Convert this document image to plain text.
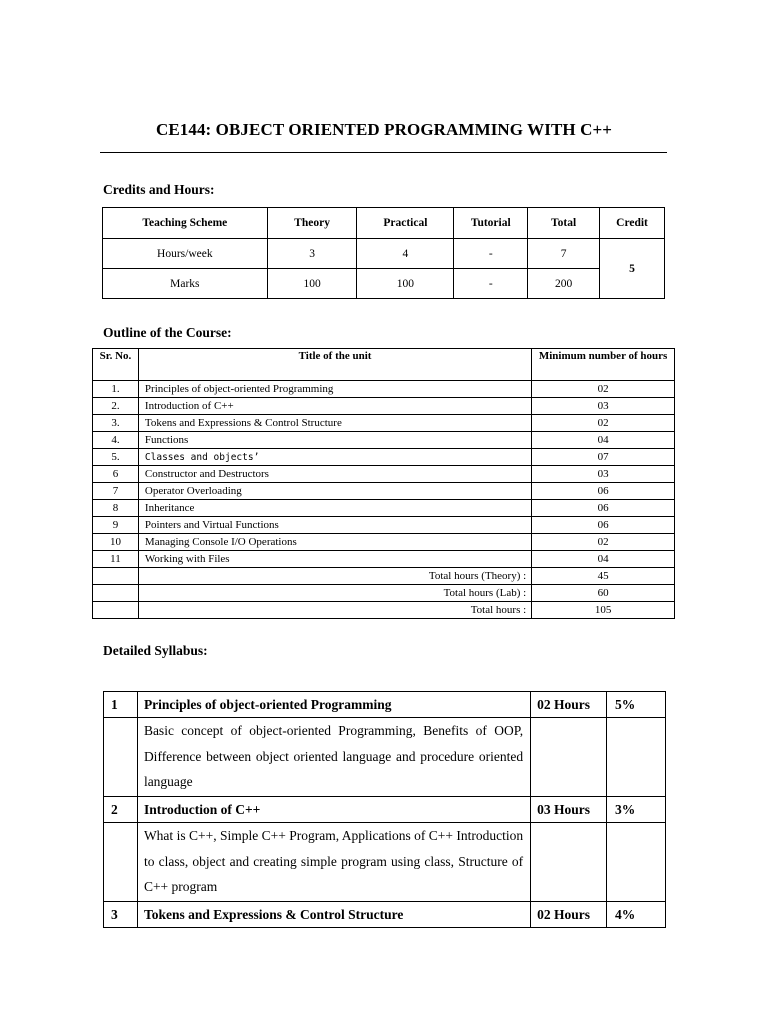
CE144: OBJECT ORIENTED PROGRAMMING WITH C++
Credits and Hours:
Teaching Scheme	Theory	Practical	Tutorial	Total	Credit
Hours/week	3	4	-	7	5
Marks	100	100	-	200	
Outline of the Course:
Sr. No.	Title of the unit	Minimum number of hours
1.	Principles of object-oriented Programming	02
2.	Introduction of C++	03
3.	Tokens and Expressions & Control Structure	02
4.	Functions	04
5.	Classes and objects’	07
6	Constructor and Destructors	03
7	Operator Overloading	06
8	Inheritance	06
9	Pointers and Virtual Functions	06
10	Managing Console I/O Operations	02
11	Working with Files	04
	Total hours (Theory) :	45
	Total hours (Lab) :	60
	Total hours :	105
Detailed Syllabus:
1	Principles of object-oriented Programming	02 Hours	5%
	Basic concept of object-oriented Programming, Benefits of OOP, Difference between object oriented language and procedure oriented language		
2	Introduction of C++	03 Hours	3%
	What is C++, Simple C++ Program, Applications of C++ Introduction to class, object and creating simple program using class, Structure of C++ program		
3	Tokens and Expressions & Control Structure	02 Hours	4%
